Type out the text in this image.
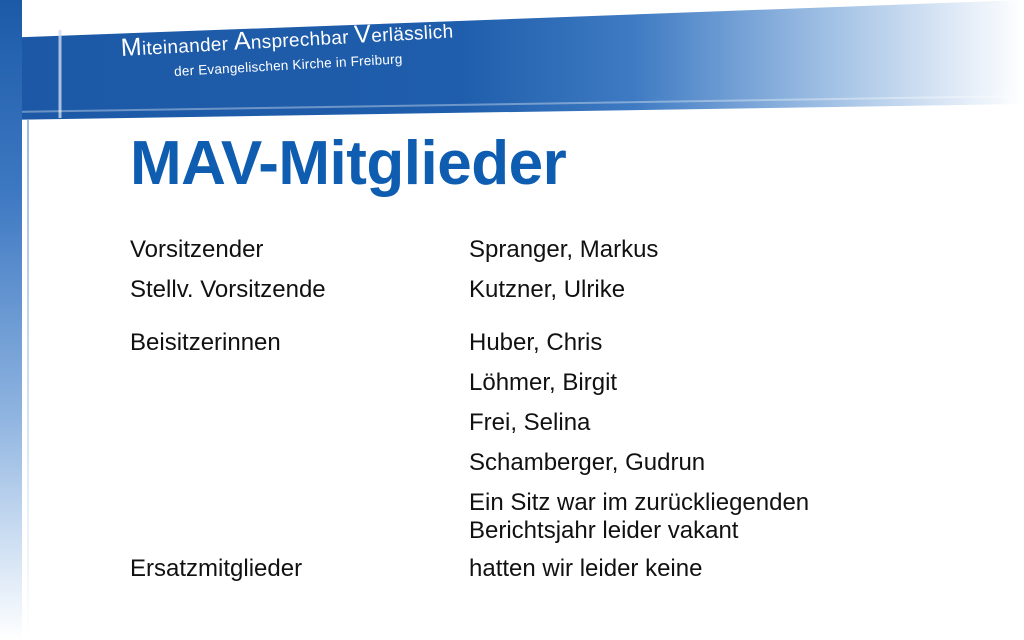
Miteinander Ansprechbar Verlässlich
der Evangelischen Kirche in Freiburg
MAV-Mitglieder
Vorsitzender	Spranger, Markus
Stellv. Vorsitzende	Kutzner, Ulrike
Beisitzerinnen	Huber, Chris
Löhmer, Birgit
Frei, Selina
Schamberger, Gudrun
Ein Sitz war im zurückliegenden
Berichtsjahr leider vakant
Ersatzmitglieder	hatten wir leider keine
